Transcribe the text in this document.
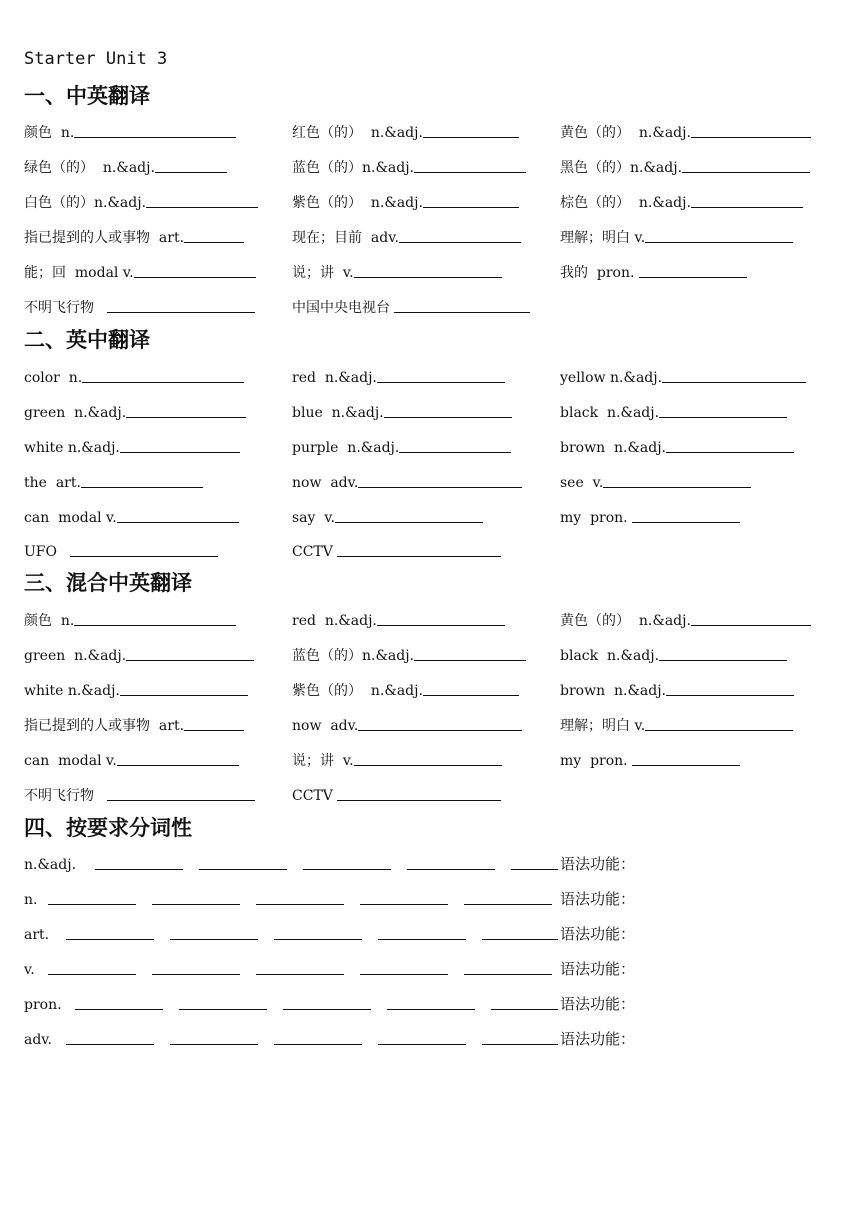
Starter Unit 3
一、中英翻译
二、英中翻译
三、混合中英翻译
四、按要求分词性
颜色  n.	红色（的）  n.&adj.	黄色（的）  n.&adj.
绿色（的）  n.&adj.	蓝色（的）n.&adj.	黑色（的）n.&adj.
白色（的）n.&adj.	紫色（的）  n.&adj.	棕色（的）  n.&adj.
指已提到的人或事物  art.	现在；目前  adv.	理解；明白 v.
能；回  modal v.	说；讲  v.	我的  pron.
不明飞行物	中国中央电视台
color  n.	red  n.&adj.	yellow n.&adj.
green  n.&adj.	blue  n.&adj.	black  n.&adj.
white n.&adj.	purple  n.&adj.	brown  n.&adj.
the  art.	now  adv.	see  v.
can  modal v.	say  v.	my  pron.
UFO	CCTV
颜色  n.	red  n.&adj.	黄色（的）  n.&adj.
green  n.&adj.	蓝色（的）n.&adj.	black  n.&adj.
white n.&adj.	紫色（的）  n.&adj.	brown  n.&adj.
指已提到的人或事物  art.	now  adv.	理解；明白 v.
can  modal v.	说；讲  v.	my  pron.
不明飞行物	CCTV
n.&adj.	语法功能：
n.	语法功能：
art.	语法功能：
v.	语法功能：
pron.	语法功能：
adv.	语法功能：
